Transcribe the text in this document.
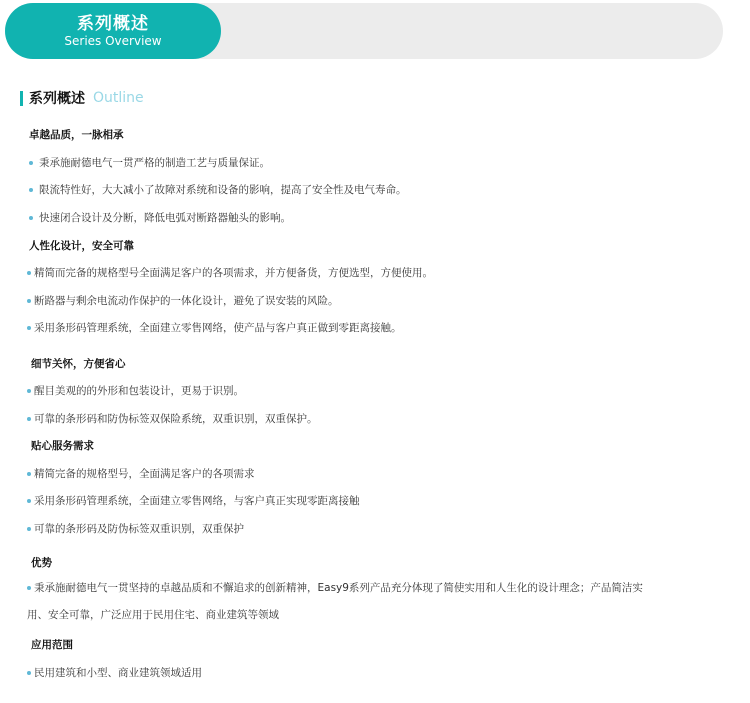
系列概述
Series Overview
系列概述 Outline
卓越品质，一脉相承
秉承施耐德电气一贯严格的制造工艺与质量保证。
限流特性好，大大减小了故障对系统和设备的影响，提高了安全性及电气寿命。
快速闭合设计及分断，降低电弧对断路器触头的影响。
人性化设计，安全可靠
精简而完备的规格型号全面满足客户的各项需求，并方便备货，方便选型，方便使用。
断路器与剩余电流动作保护的一体化设计，避免了误安装的风险。
采用条形码管理系统，全面建立零售网络，使产品与客户真正做到零距离接触。
细节关怀，方便省心
醒目美观的的外形和包装设计，更易于识别。
可靠的条形码和防伪标签双保险系统，双重识别，双重保护。
贴心服务需求
精简完备的规格型号，全面满足客户的各项需求
采用条形码管理系统，全面建立零售网络，与客户真正实现零距离接触
可靠的条形码及防伪标签双重识别，双重保护
优势
秉承施耐德电气一贯坚持的卓越品质和不懈追求的创新精神，Easy9系列产品充分体现了简使实用和人生化的设计理念；产品简洁实
用、安全可靠，广泛应用于民用住宅、商业建筑等领域
应用范围
民用建筑和小型、商业建筑领域适用
